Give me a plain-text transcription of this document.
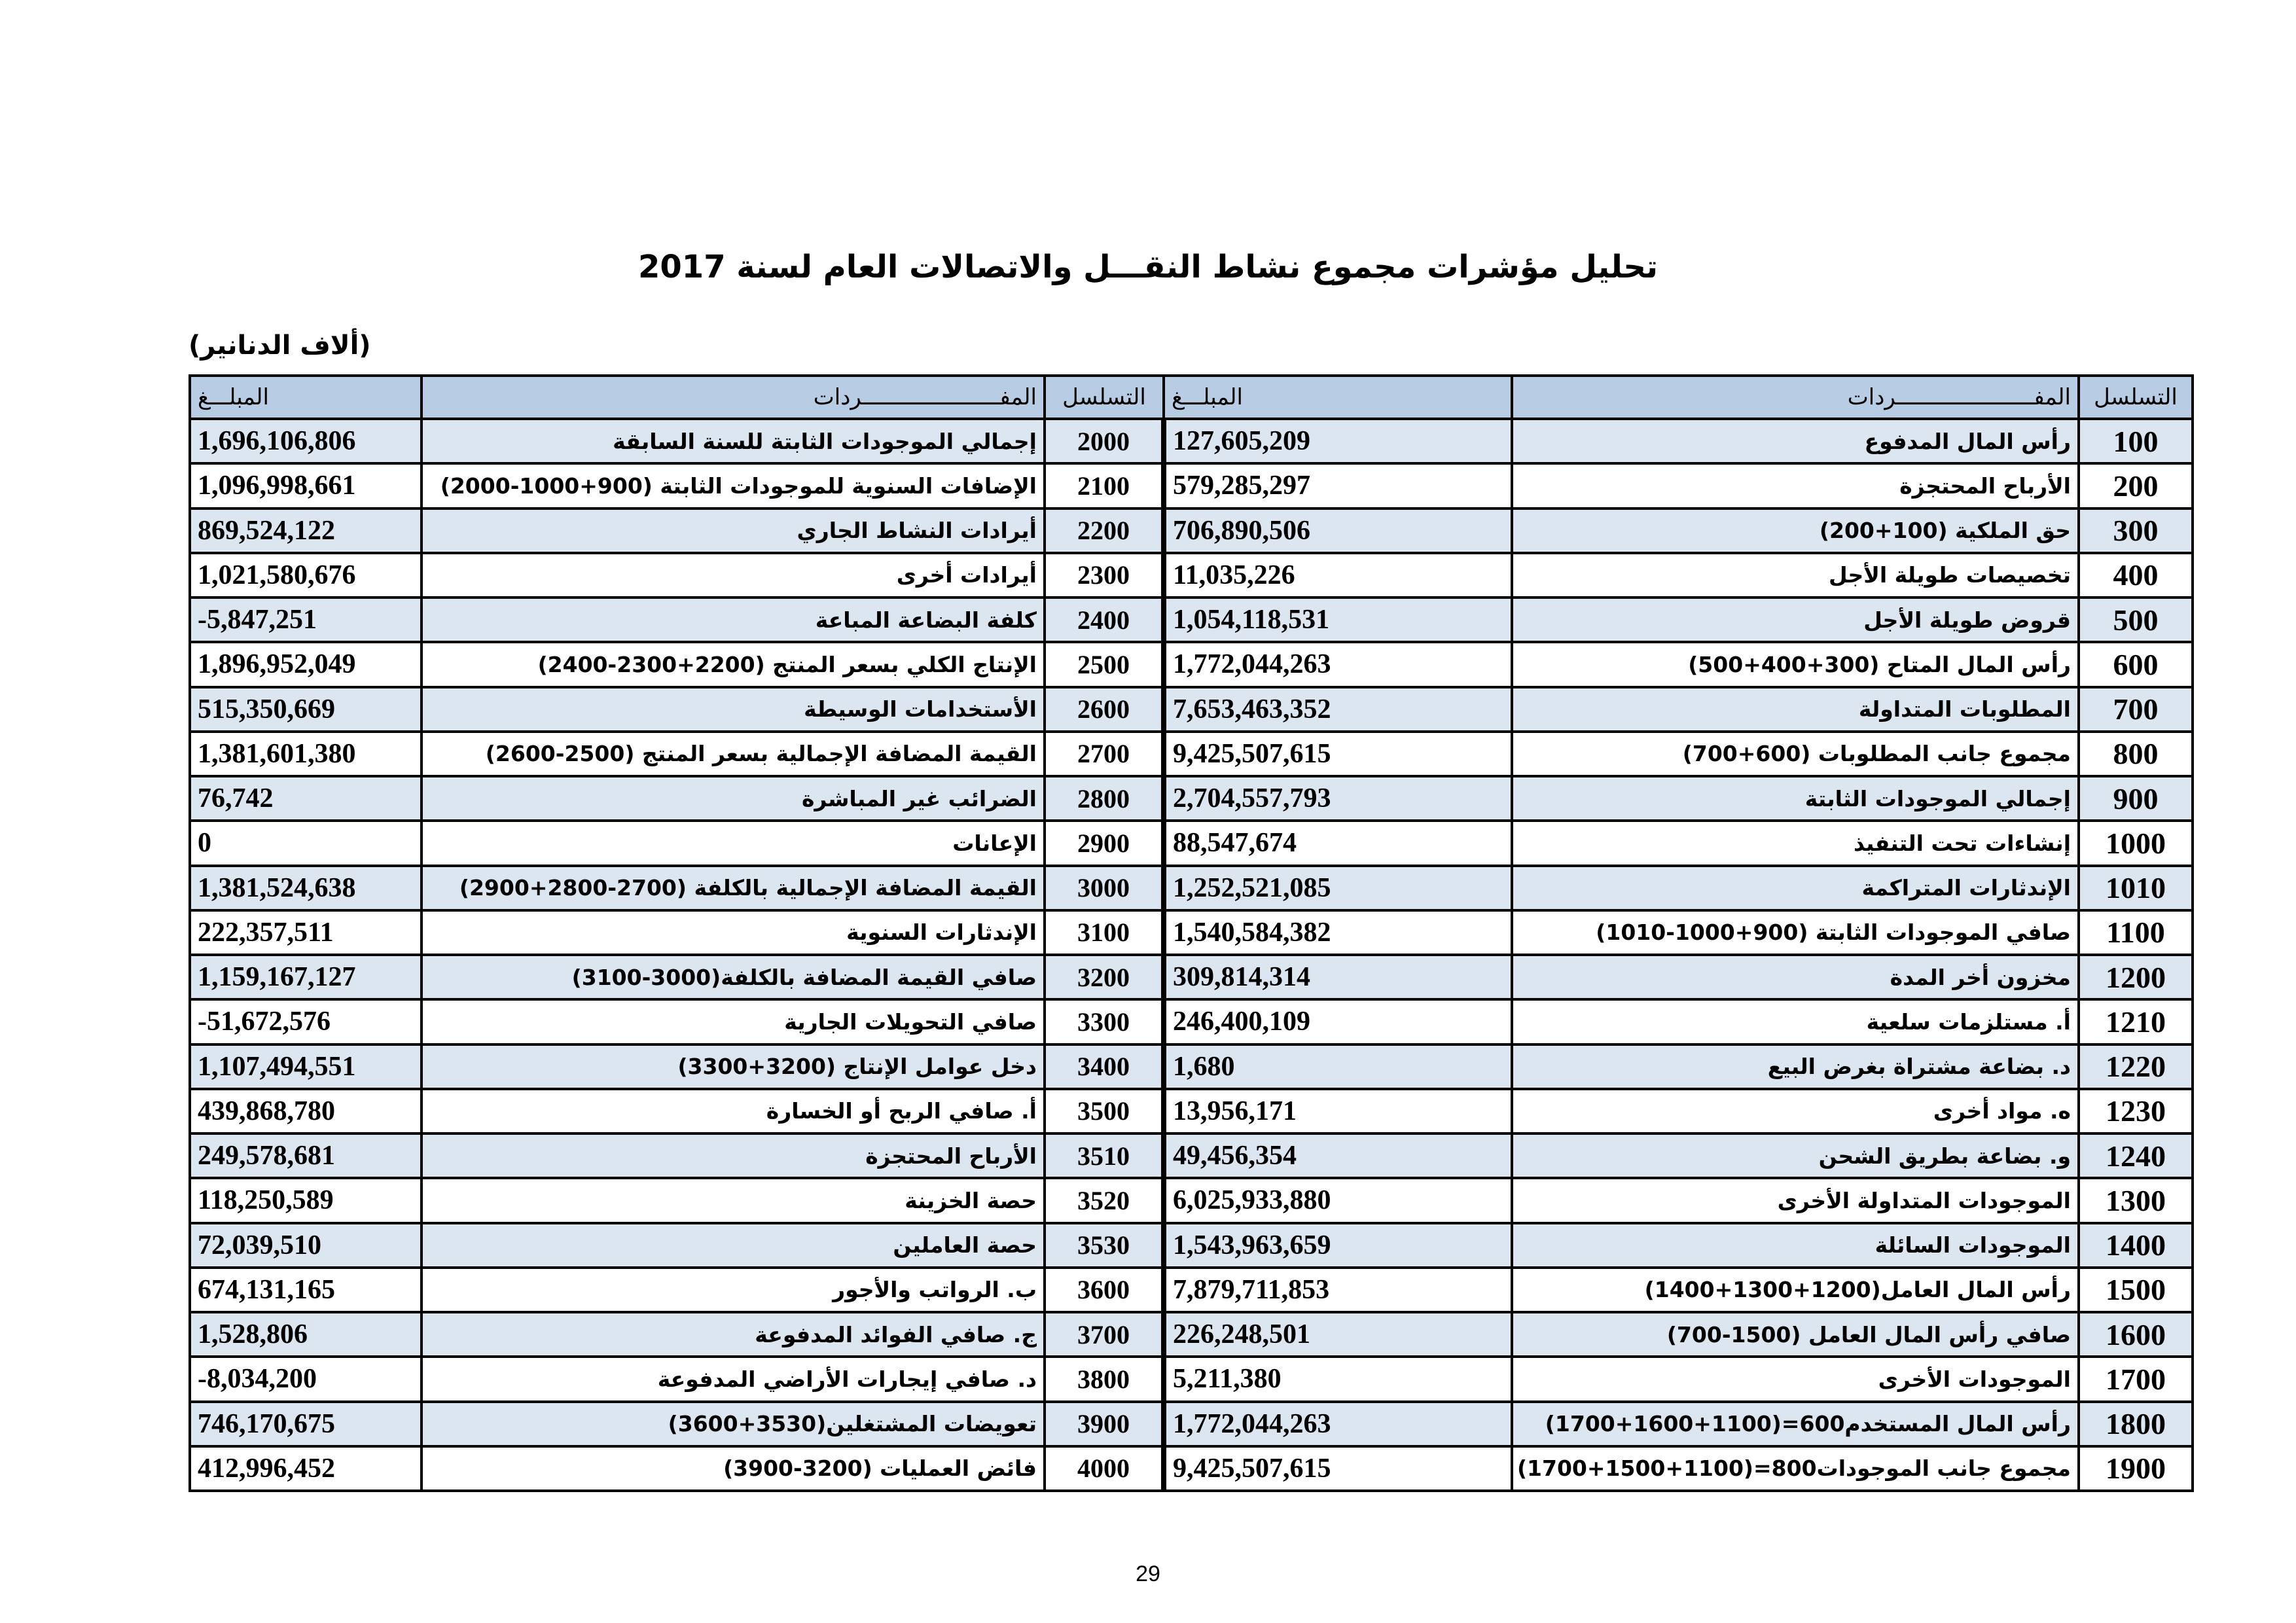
تحليل مؤشرات مجموع نشاط النقـــل والاتصالات العام لسنة 2017
(ألاف الدنانير)
التسلسل	المفـــــــــــــــــــــردات	المبلـــغ	التسلسل	المفـــــــــــــــــــــردات	المبلـــغ
100	رأس المال المدفوع	127,605,209	2000	إجمالي الموجودات الثابتة للسنة السابقة	1,696,106,806
200	الأرباح المحتجزة	579,285,297	2100	الإضافات السنوية للموجودات الثابتة (900+1000-2000)	1,096,998,661
300	حق الملكية (100+200)	706,890,506	2200	أيرادات النشاط الجاري	869,524,122
400	تخصيصات طويلة الأجل	11,035,226	2300	أيرادات أخرى	1,021,580,676
500	قروض طويلة الأجل	1,054,118,531	2400	كلفة البضاعة المباعة	-5,847,251
600	رأس المال المتاح (300+400+500)	1,772,044,263	2500	الإنتاج الكلي بسعر المنتج (2200+2300-2400)	1,896,952,049
700	المطلوبات المتداولة	7,653,463,352	2600	الأستخدامات الوسيطة	515,350,669
800	مجموع جانب المطلوبات (600+700)	9,425,507,615	2700	القيمة المضافة الإجمالية بسعر المنتج (2500-2600)	1,381,601,380
900	إجمالي الموجودات الثابتة	2,704,557,793	2800	الضرائب غير المباشرة	76,742
1000	إنشاءات تحت التنفيذ	88,547,674	2900	الإعانات	0
1010	الإندثارات المتراكمة	1,252,521,085	3000	القيمة المضافة الإجمالية بالكلفة (2700-2800+2900)	1,381,524,638
1100	صافي الموجودات الثابتة (900+1000-1010)	1,540,584,382	3100	الإندثارات السنوية	222,357,511
1200	مخزون أخر المدة	309,814,314	3200	صافي القيمة المضافة بالكلفة(3000-3100)	1,159,167,127
1210	أ. مستلزمات سلعية	246,400,109	3300	صافي التحويلات الجارية	-51,672,576
1220	د. بضاعة مشتراة بغرض البيع	1,680	3400	دخل عوامل الإنتاج (3200+3300)	1,107,494,551
1230	ه. مواد أخرى	13,956,171	3500	أ. صافي الربح أو الخسارة	439,868,780
1240	و. بضاعة بطريق الشحن	49,456,354	3510	الأرباح المحتجزة	249,578,681
1300	الموجودات المتداولة الأخرى	6,025,933,880	3520	حصة الخزينة	118,250,589
1400	الموجودات السائلة	1,543,963,659	3530	حصة العاملين	72,039,510
1500	رأس المال العامل(1200+1300+1400)	7,879,711,853	3600	ب. الرواتب والأجور	674,131,165
1600	صافي رأس المال العامل (1500-700)	226,248,501	3700	ج. صافي الفوائد المدفوعة	1,528,806
1700	الموجودات الأخرى	5,211,380	3800	د. صافي إيجارات الأراضي المدفوعة	-8,034,200
1800	رأس المال المستخدم600=(1100+1600+1700)	1,772,044,263	3900	تعويضات المشتغلين(3530+3600)	746,170,675
1900	مجموع جانب الموجودات800=(1100+1500+1700)	9,425,507,615	4000	فائض العمليات (3200-3900)	412,996,452
29
